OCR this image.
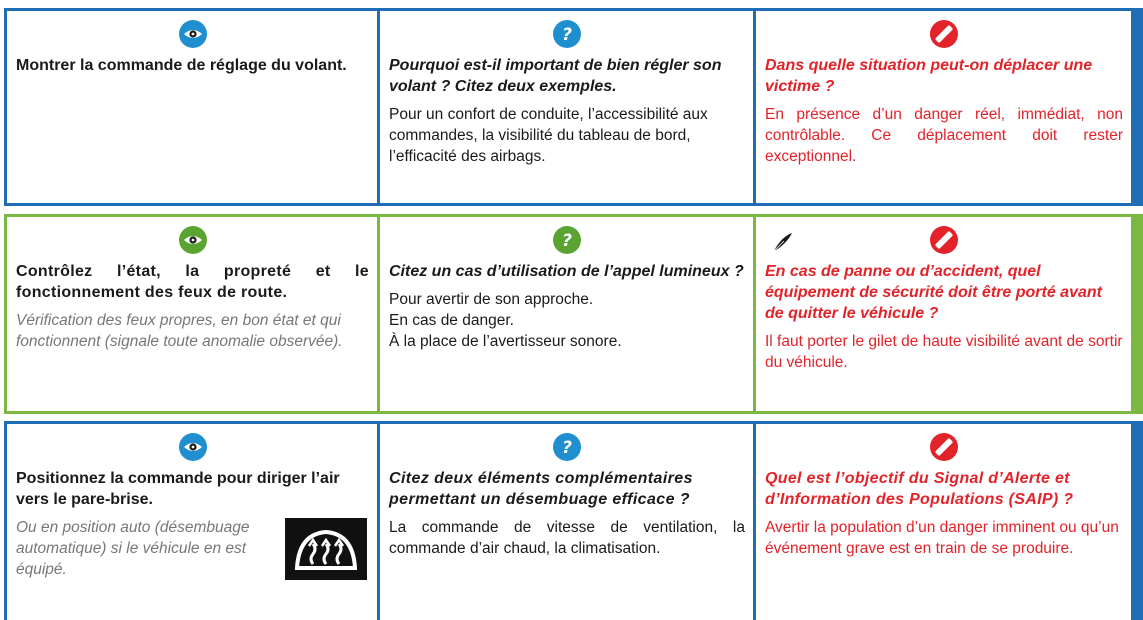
Montrer la commande de réglage du volant.
?
Pourquoi est-il important de bien régler son volant ? Citez deux exemples.
Pour un confort de conduite, l’accessibilité aux commandes, la visibilité du tableau de bord, l’efficacité des airbags.
Dans quelle situation peut-on déplacer une victime ?
En présence d’un danger réel, immédiat, non contrôlable. Ce déplacement doit rester exceptionnel.
Contrôlez l’état, la propreté et le fonctionnement des feux de route.
Vérification des feux propres, en bon état et qui fonctionnent (signale toute anomalie observée).
?
Citez un cas d’utilisation de l’appel lumineux ?
Pour avertir de son approche.
En cas de danger.
À la place de l’avertisseur sonore.
En cas de panne ou d’accident, quel équipement de sécurité doit être porté avant de quitter le véhicule ?
Il faut porter le gilet de haute visibilité avant de sortir du véhicule.
Positionnez la commande pour diriger l’air vers le pare-brise.
Ou en position auto (désembuage automatique) si le véhicule en est équipé.
?
Citez deux éléments complémentaires permettant un désembuage efficace ?
La commande de vitesse de ventilation, la commande d’air chaud, la climatisation.
Quel est l’objectif du Signal d’Alerte et d’Information des Populations (SAIP) ?
Avertir la population d’un danger imminent ou qu’un événement grave est en train de se produire.
